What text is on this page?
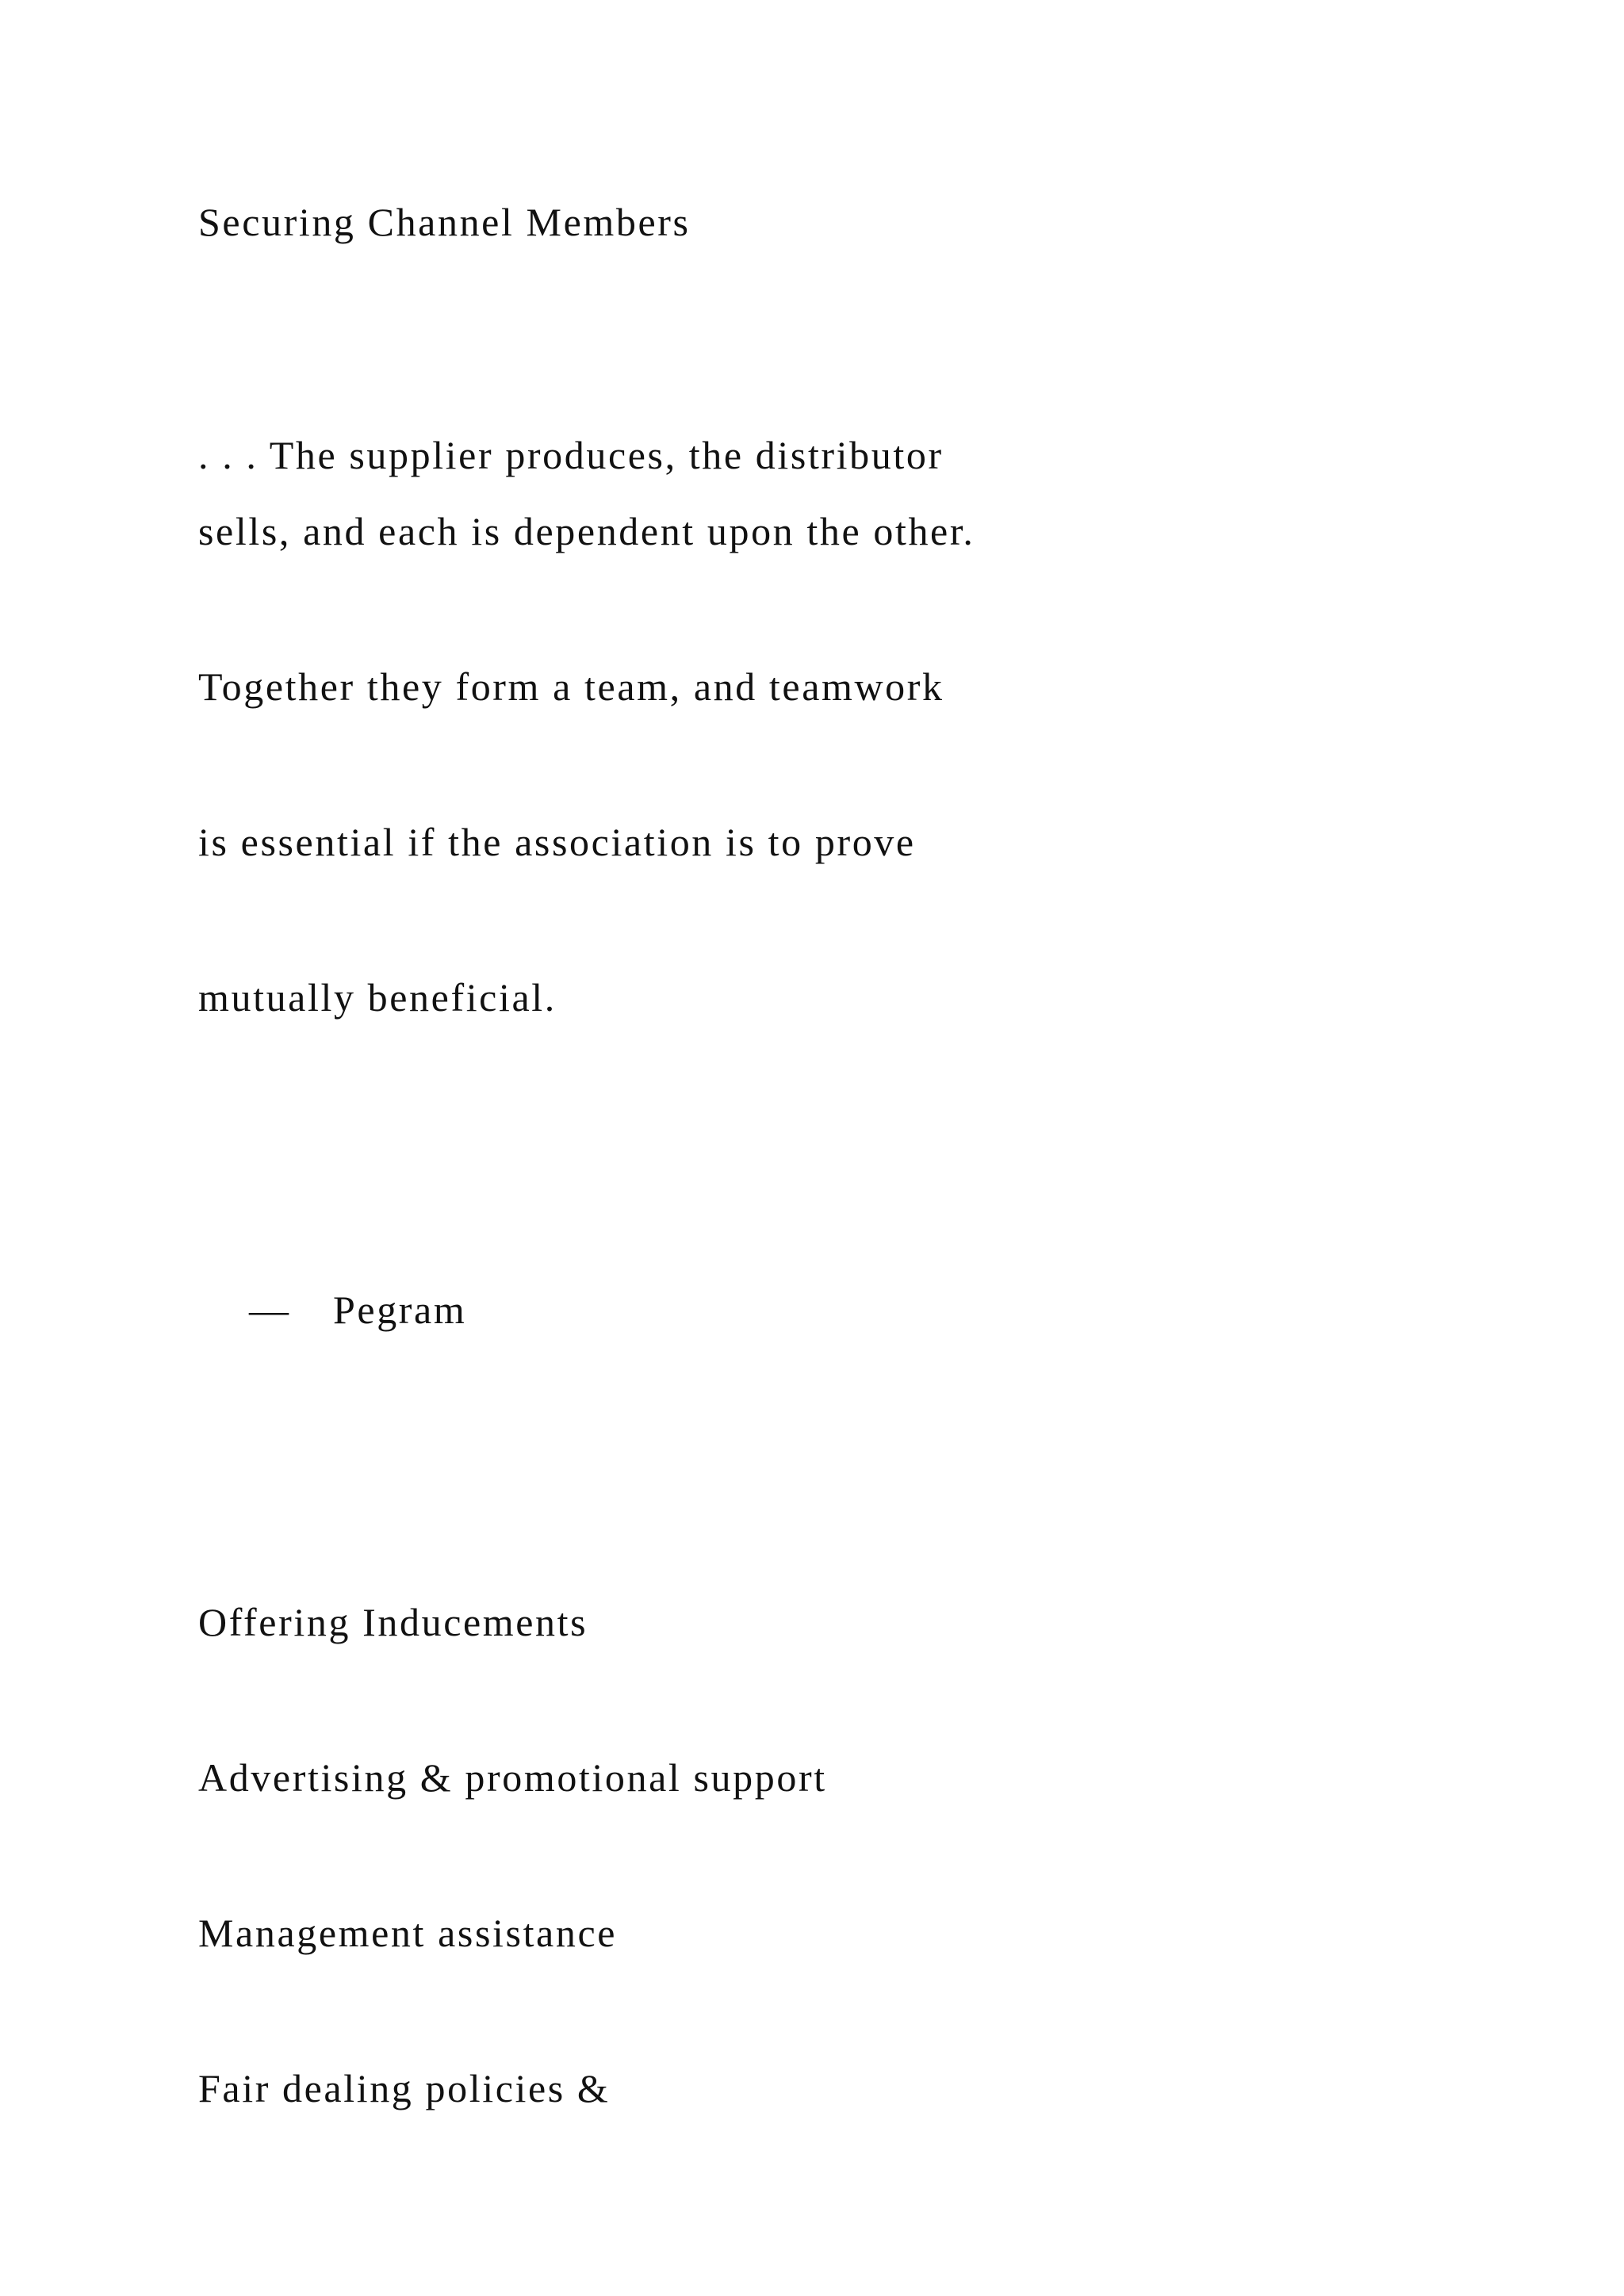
Securing Channel Members
. . . The supplier produces, the distributor
sells, and each is dependent upon the other.
Together they form a team, and teamwork
is essential if the association is to prove
mutually beneficial.
— Pegram
Offering Inducements
Advertising & promotional support
Management assistance
Fair dealing policies &
